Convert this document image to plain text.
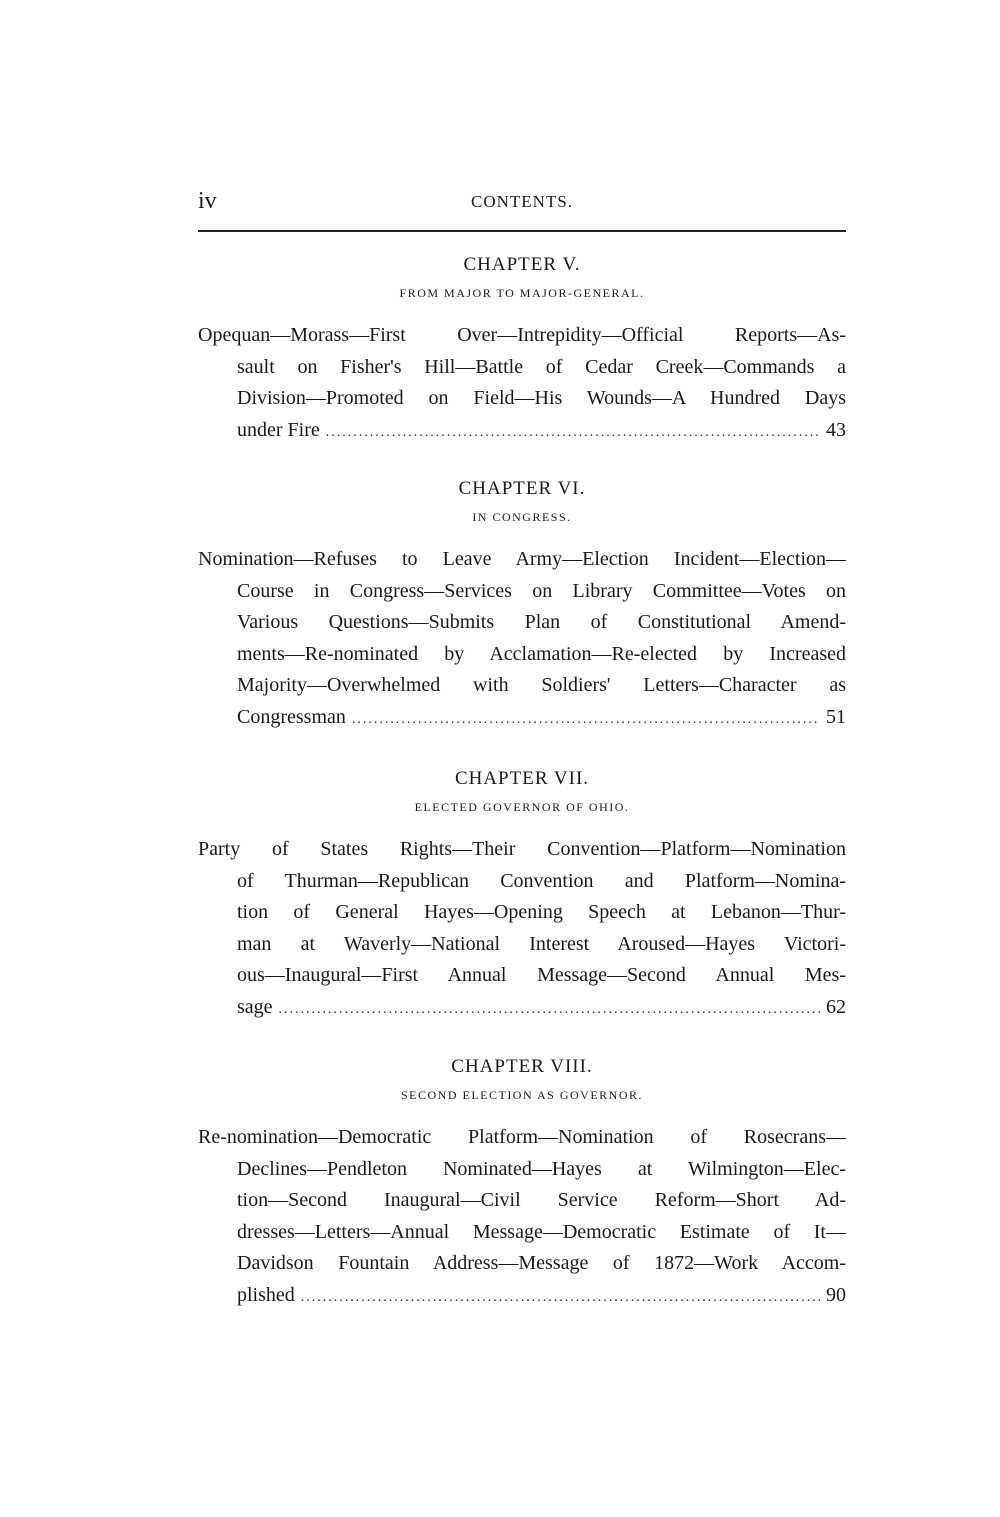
iv	CONTENTS.
CHAPTER V.
FROM MAJOR TO MAJOR-GENERAL.
Opequan—Morass—First Over—Intrepidity—Official Reports—As-
sault on Fisher's Hill—Battle of Cedar Creek—Commands a
Division—Promoted on Field—His Wounds—A Hundred Days
under Fire .....	43
CHAPTER VI.
IN CONGRESS.
Nomination—Refuses to Leave Army—Election Incident—Election—
Course in Congress—Services on Library Committee—Votes on
Various Questions—Submits Plan of Constitutional Amend-
ments—Re-nominated by Acclamation—Re-elected by Increased
Majority—Overwhelmed with Soldiers' Letters—Character as
Congressman .....	51
CHAPTER VII.
ELECTED GOVERNOR OF OHIO.
Party of States Rights—Their Convention—Platform—Nomination
of Thurman—Republican Convention and Platform—Nomina-
tion of General Hayes—Opening Speech at Lebanon—Thur-
man at Waverly—National Interest Aroused—Hayes Victori-
ous—Inaugural—First Annual Message—Second Annual Mes-
sage .....	62
CHAPTER VIII.
SECOND ELECTION AS GOVERNOR.
Re-nomination—Democratic Platform—Nomination of Rosecrans—
Declines—Pendleton Nominated—Hayes at Wilmington—Elec-
tion—Second Inaugural—Civil Service Reform—Short Ad-
dresses—Letters—Annual Message—Democratic Estimate of It—
Davidson Fountain Address—Message of 1872—Work Accom-
plished .....	90
